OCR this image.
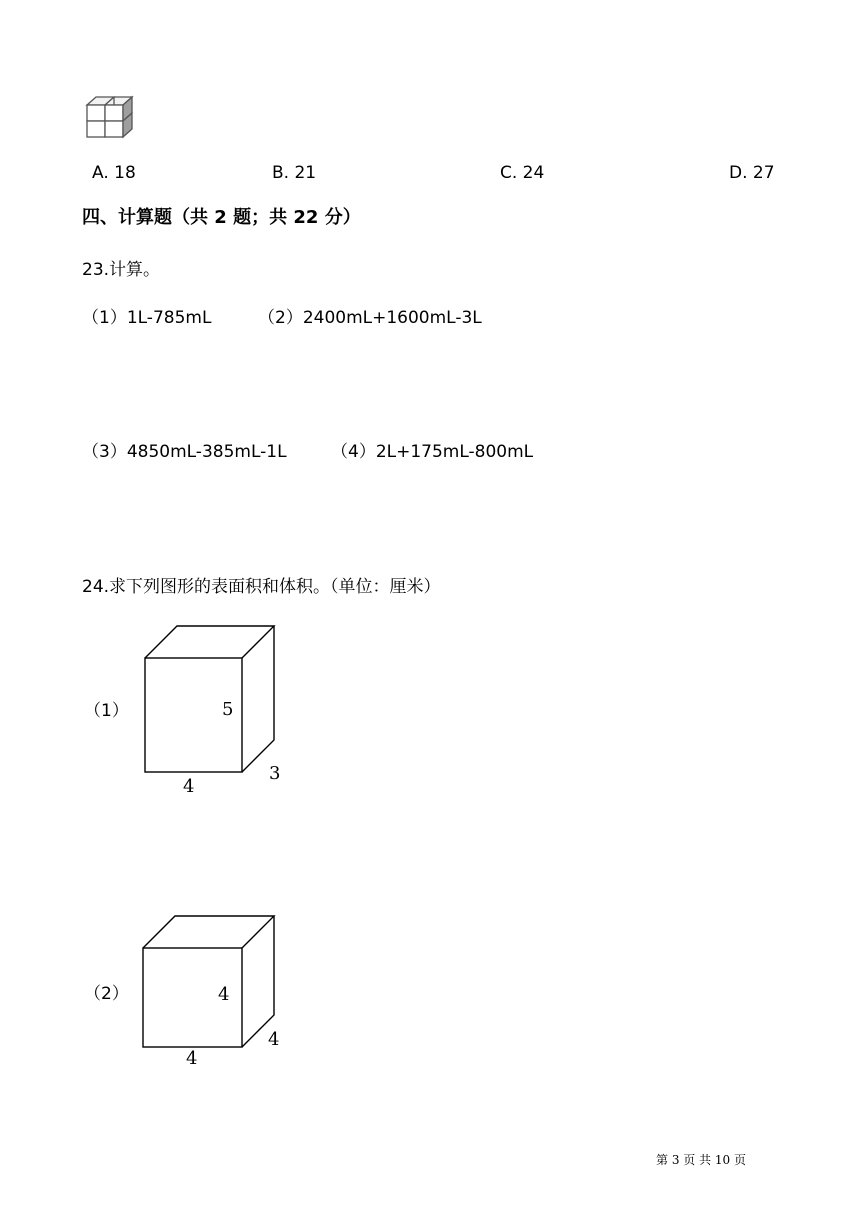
A. 18	B. 21	C. 24	D. 27
四、计算题（共 2 题；共 22 分）
23.计算。
（1）1L-785mL	（2）2400mL+1600mL-3L
（3）4850mL-385mL-1L	（4）2L+175mL-800mL
24.求下列图形的表面积和体积。（单位：厘米）
（1）	5
4
3
（2）	4
4
4
第 3 页 共 10 页
